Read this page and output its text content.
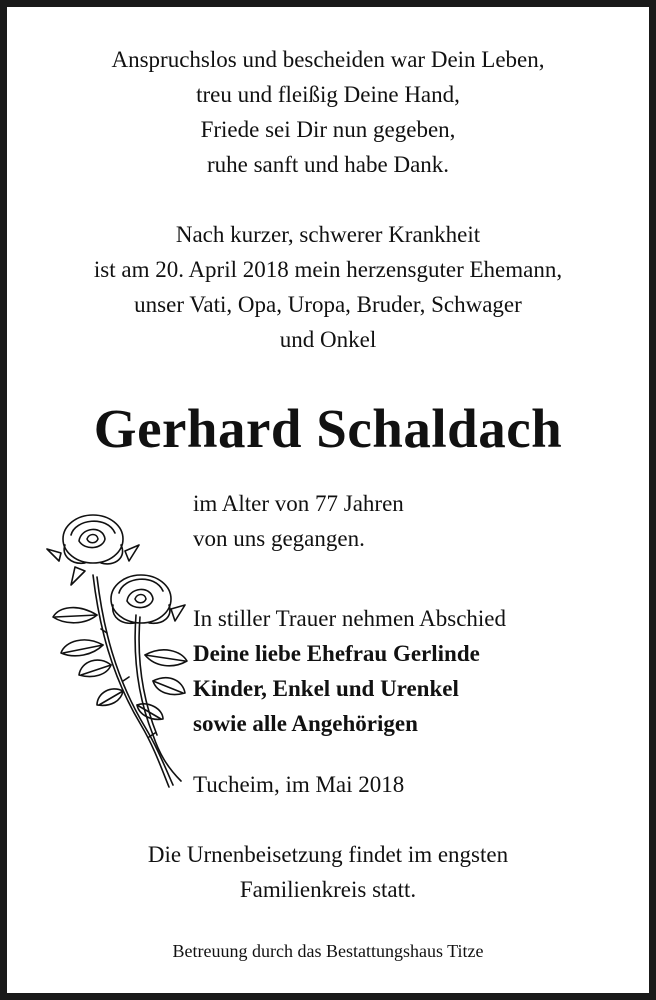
Anspruchslos und bescheiden war Dein Leben,
treu und fleißig Deine Hand,
Friede sei Dir nun gegeben,
ruhe sanft und habe Dank.
Nach kurzer, schwerer Krankheit
ist am 20. April 2018 mein herzensguter Ehemann,
unser Vati, Opa, Uropa, Bruder, Schwager
und Onkel
Gerhard Schaldach
im Alter von 77 Jahren
von uns gegangen.
In stiller Trauer nehmen Abschied
Deine liebe Ehefrau Gerlinde
Kinder, Enkel und Urenkel
sowie alle Angehörigen
Tucheim, im Mai 2018
Die Urnenbeisetzung findet im engsten
Familienkreis statt.
Betreuung durch das Bestattungshaus Titze
